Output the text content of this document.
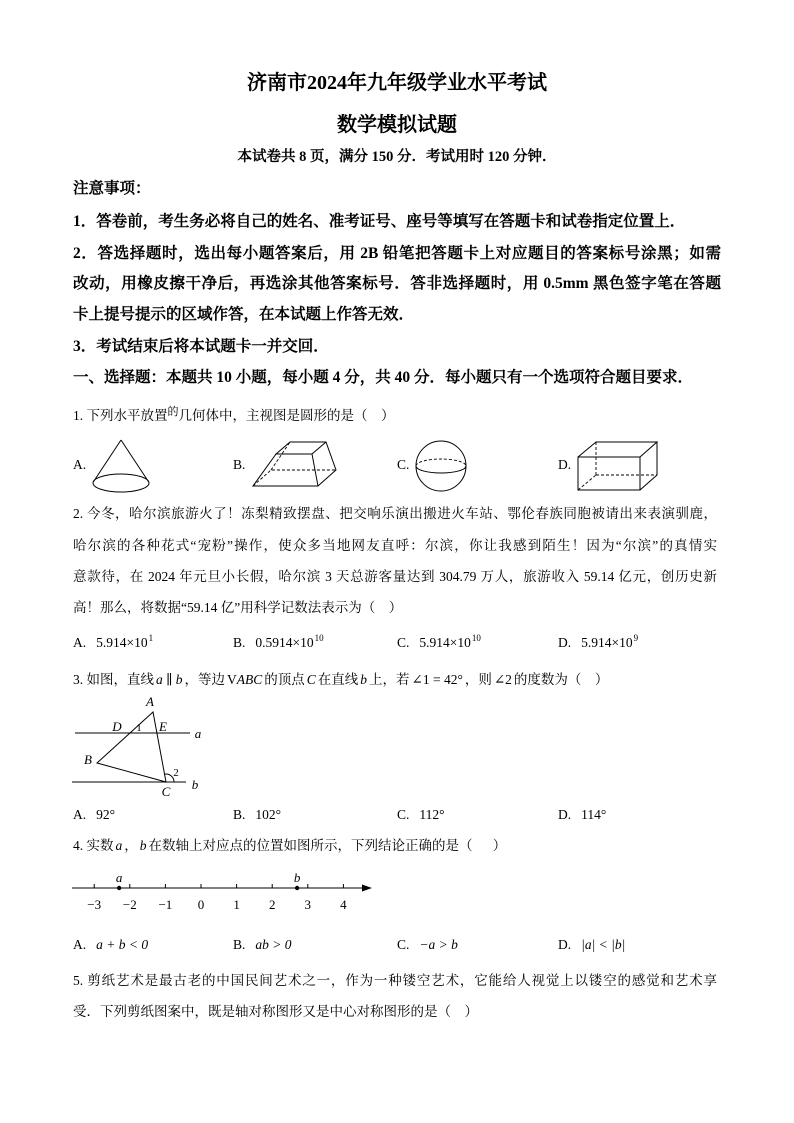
济南市2024年九年级学业水平考试
数学模拟试题
本试卷共 8 页，满分 150 分．考试用时 120 分钟．
注意事项：
1．答卷前，考生务必将自己的姓名、准考证号、座号等填写在答题卡和试卷指定位置上．
2．答选择题时，选出每小题答案后，用 2B 铅笔把答题卡上对应题目的答案标号涂黑；如需
改动，用橡皮擦干净后，再选涂其他答案标号．答非选择题时，用 0.5mm 黑色签字笔在答题
卡上提号提示的区域作答，在本试题上作答无效．
3．考试结束后将本试题卡一并交回．
一、选择题：本题共 10 小题，每小题 4 分，共 40 分．每小题只有一个选项符合题目要求．
1. 下列水平放置$^的$几何体中，主视图是圆形的是（    ）
A.	B.	C.	D.
2. 今冬，哈尔滨旅游火了！冻梨精致摆盘、把交响乐演出搬进火车站、鄂伦春族同胞被请出来表演驯鹿，
哈尔滨的各种花式“宠粉”操作，使众多当地网友直呼：尔滨，你让我感到陌生！因为“尔滨”的真情实
意款待，在 2024 年元旦小长假，哈尔滨 3 天总游客量达到 304.79 万人，旅游收入 59.14 亿元，创历史新
高！那么，将数据“59.14 亿”用科学记数法表示为（    ）
A. $5.914\times 10^1$	B. $0.5914\times 10^{10}$	C. $5.914\times 10^{10}$	D. $5.914\times 10^9$
3. 如图，直线 a ∥ b ，等边 VABC 的顶点 C 在直线 b 上，若 ∠1 = 42° ，则 ∠2 的度数为（    ）
A
D	E
1
B
C
2
a
b
A. 92°	B. 102°	C. 112°	D. 114°
4. 实数 a ， b 在数轴上对应点的位置如图所示，下列结论正确的是（      ）
−3 −2 −1 0 1 2 3 4
a	b
A. a + b < 0	B. ab > 0	C. −a > b	D. |a| < |b|
5. 剪纸艺术是最古老的中国民间艺术之一，作为一种镂空艺术，它能给人视觉上以镂空的感觉和艺术享
受．下列剪纸图案中，既是轴对称图形又是中心对称图形的是（    ）
